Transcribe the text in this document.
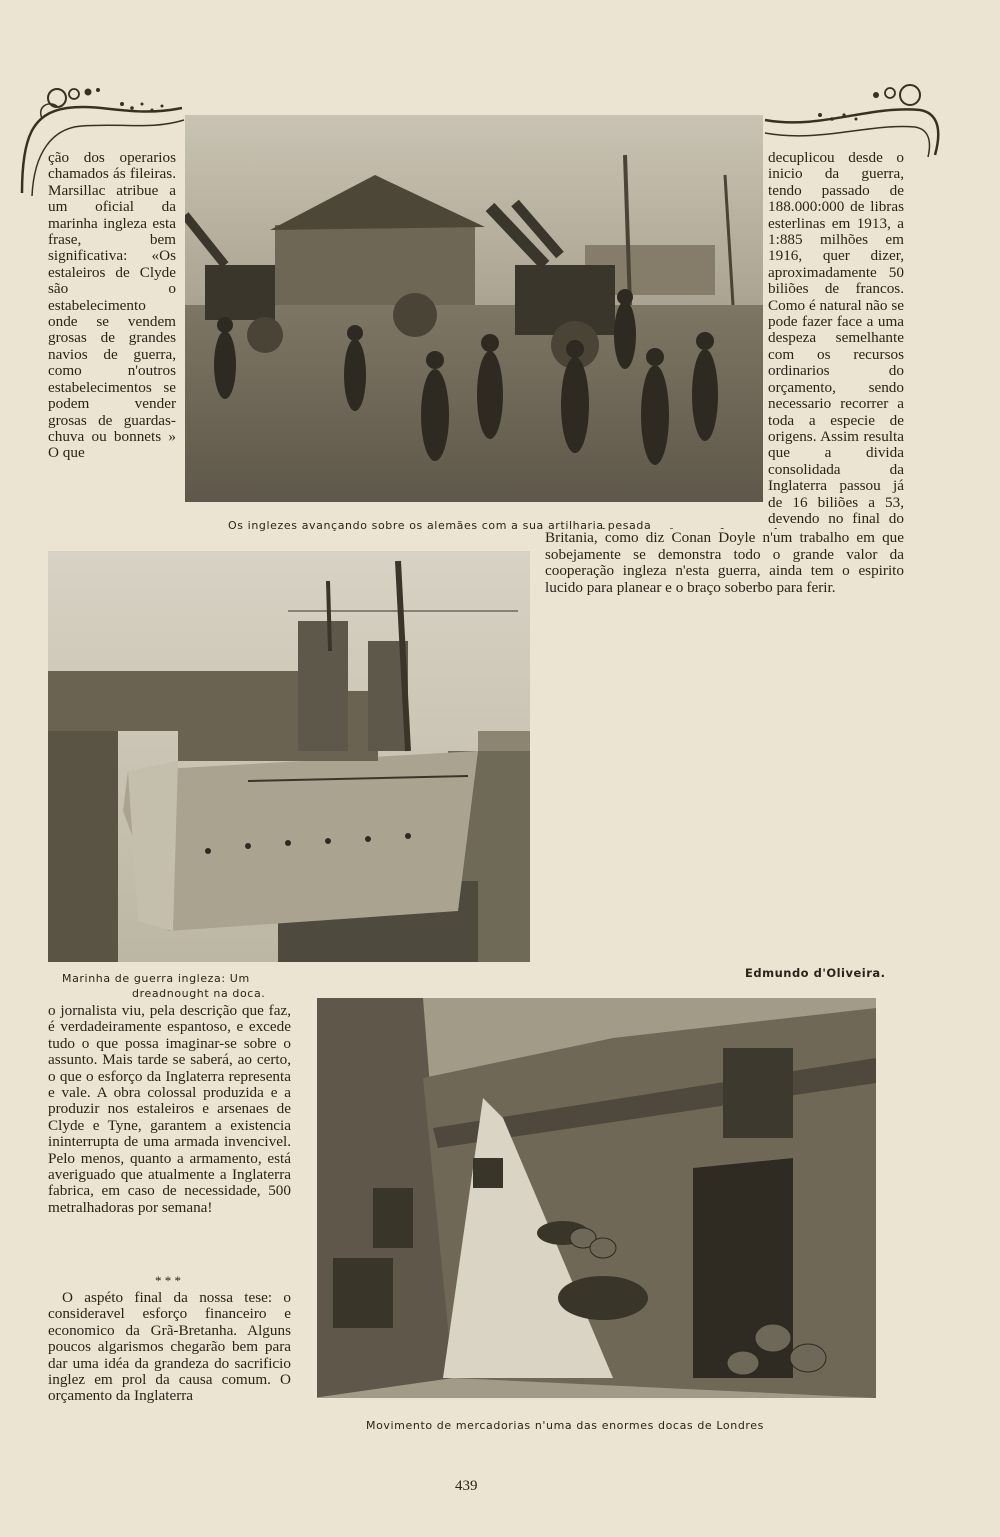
ção dos operarios chamados ás fileiras. Marsillac atribue a um oficial da marinha ingleza esta frase, bem significativa: «Os estaleiros de Clyde são o estabelecimento onde se vendem grosas de grandes navios de guerra, como n'outros estabelecimentos se podem vender grosas de guardas-chuva ou bonnets » O que

decuplicou desde o inicio da guerra, tendo passado de 188.000:000 de libras esterlinas em 1913, a 1:885 milhões em 1916, quer dizer, aproximadamente 50 biliões de francos. Como é natural não se pode fazer face a uma despeza semelhante com os recursos ordinarios do orçamento, sendo necessario recorrer a toda a especie de origens. Assim resulta que a divida consolidada da Inglaterra passou já de 16 biliões a 53, devendo no final do

Britania, como diz Conan Doyle n'um trabalho em que sobejamente se demonstra todo o grande valor da cooperação ingleza n'esta guerra, ainda tem o espirito lucido para planear e o braço soberbo para ferir.

Os inglezes avançando sobre os alemães com a sua artilharia pesada
Marinha de guerra ingleza: Um
dreadnought na doca.
Edmundo d'Oliveira.

o jornalista viu, pela descrição que faz, é verdadeiramente espantoso, e excede tudo o que possa imaginar-se sobre o assunto. Mais tarde se saberá, ao certo, o que o esforço da Inglaterra representa e vale. A obra colossal produzida e a produzir nos estaleiros e arsenaes de Clyde e Tyne, garantem a existencia ininterrupta de uma armada invencivel. Pelo menos, quanto a armamento, está averiguado que atualmente a Inglaterra fabrica, em caso de necessidade, 500 metralhadoras por semana!

* * *

O aspéto final da nossa tese: o consideravel esforço financeiro e economico da Grã-Bretanha. Alguns poucos algarismos chegarão bem para dar uma idéa da grandeza do sacrificio inglez em prol da causa comum. O orçamento da Inglaterra

Movimento de mercadorias n'uma das enormes docas de Londres
439
